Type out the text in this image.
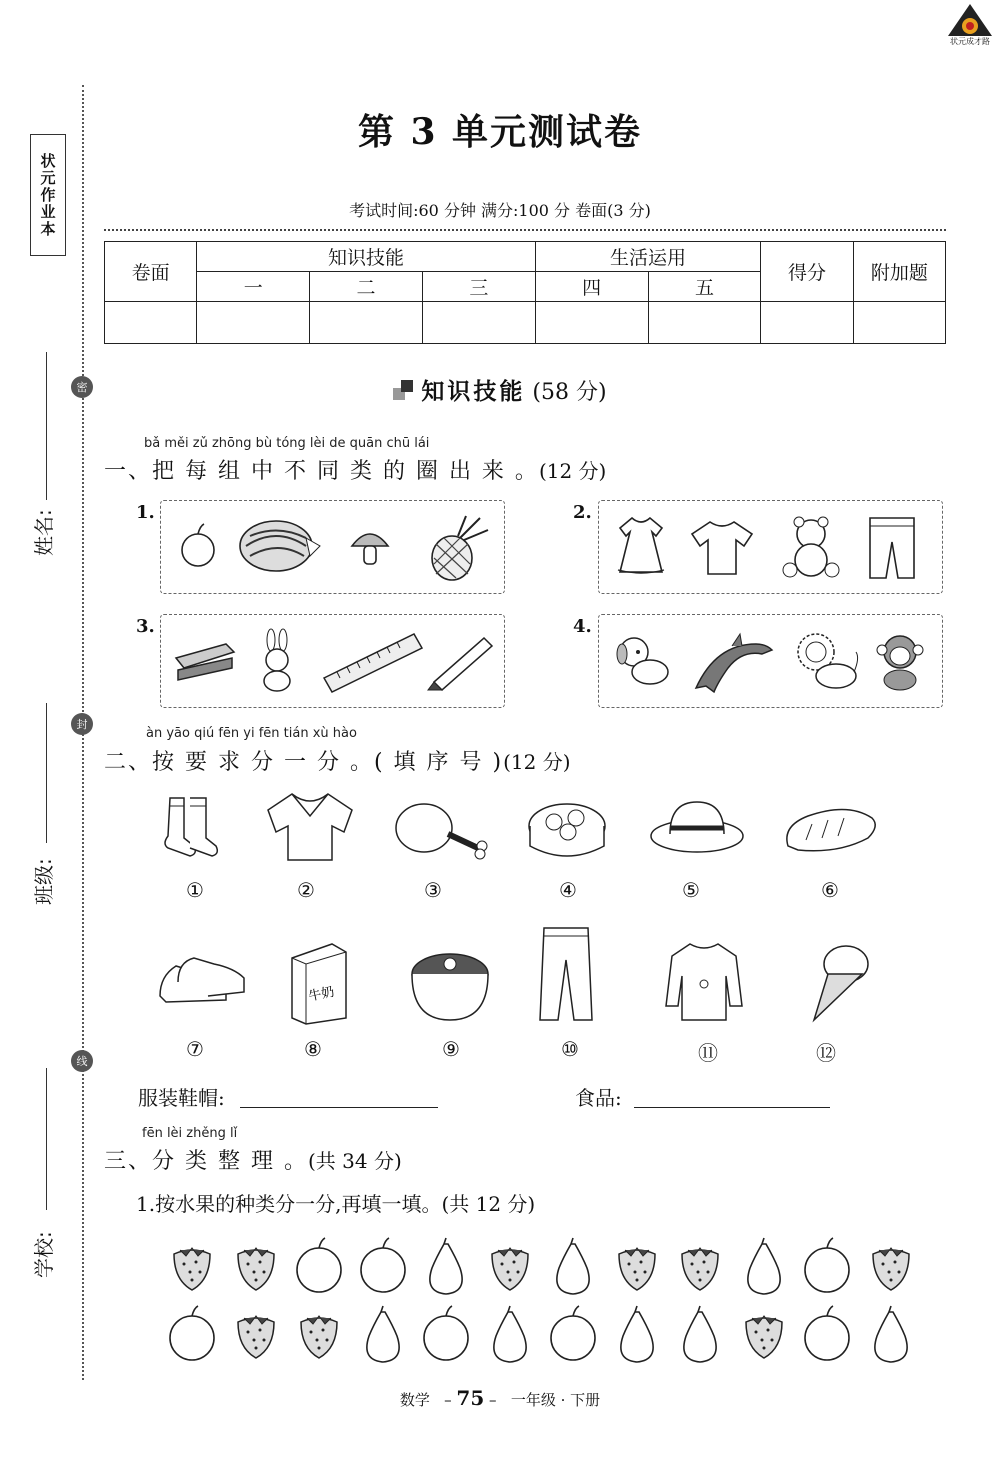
状元成才路
状元作业本
密
封
线
姓名:
班级:
学校:
第 3 单元测试卷
考试时间:60 分钟 满分:100 分 卷面(3 分)
卷面	知识技能			生活运用		得分	附加题
	一	二	三	四	五		

知识技能 (58 分)
bǎ měi zǔ zhōng bù tóng lèi de quān chū lái
一、把 每 组 中 不 同 类 的 圈 出 来 。(12 分)
1.	2.
3.	4.
àn yāo qiú fēn yi fēn tián xù hào
二、按 要 求 分 一 分 。( 填 序 号 )(12 分)
①	②	③	④	⑤	⑥
牛奶
⑦	⑧	⑨	⑩	⑪	⑫
服装鞋帽:	食品:
fēn lèi zhěng lǐ
三、分 类 整 理 。(共 34 分)
1.按水果的种类分一分,再填一填。(共 12 分)
数学   – 75 –   一年级 · 下册
